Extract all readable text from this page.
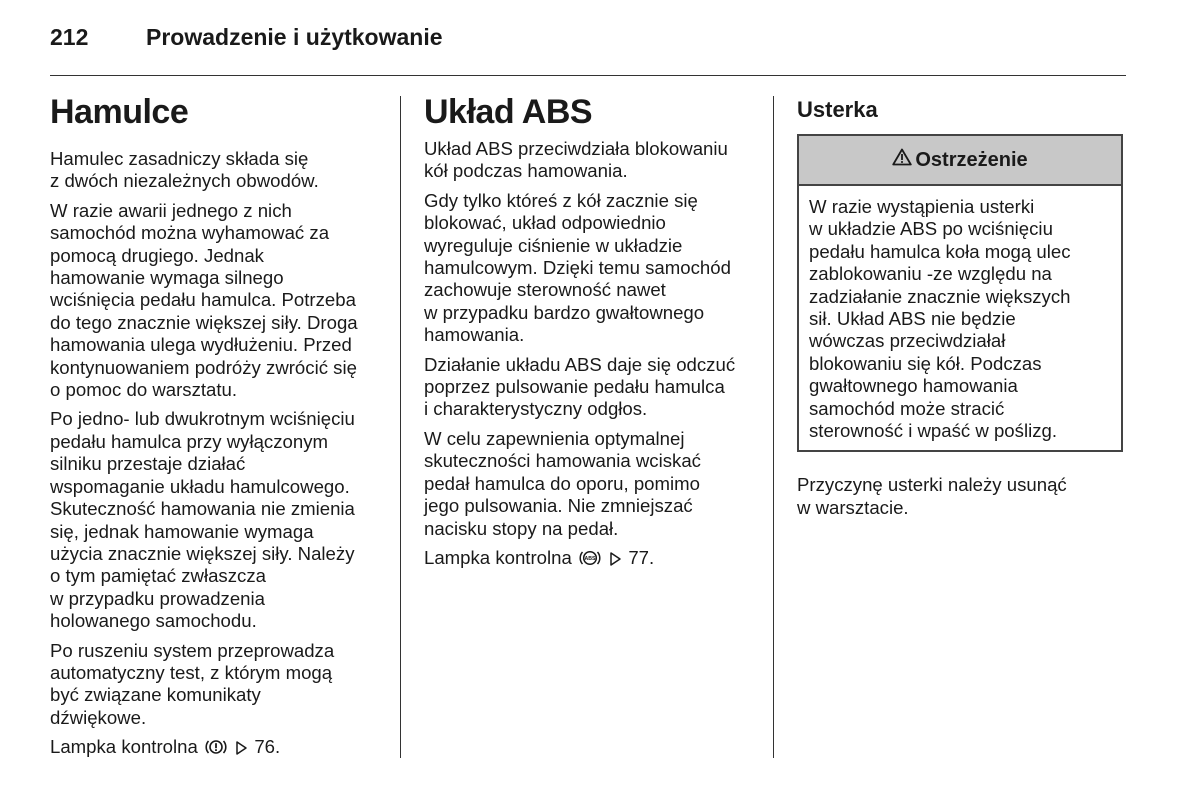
212	Prowadzenie i użytkowanie
Hamulce

Hamulec zasadniczy składa się
z dwóch niezależnych obwodów.

W razie awarii jednego z nich
samochód można wyhamować za
pomocą drugiego. Jednak
hamowanie wymaga silnego
wciśnięcia pedału hamulca. Potrzeba
do tego znacznie większej siły. Droga
hamowania ulega wydłużeniu. Przed
kontynuowaniem podróży zwrócić się
o pomoc do warsztatu.

Po jedno- lub dwukrotnym wciśnięciu
pedału hamulca przy wyłączonym
silniku przestaje działać
wspomaganie układu hamulcowego.
Skuteczność hamowania nie zmienia
się, jednak hamowanie wymaga
użycia znacznie większej siły. Należy
o tym pamiętać zwłaszcza
w przypadku prowadzenia
holowanego samochodu.

Po ruszeniu system przeprowadza
automatyczny test, z którym mogą
być związane komunikaty
dźwiękowe.

Lampka kontrolna	76.

Układ ABS

Układ ABS przeciwdziała blokowaniu
kół podczas hamowania.

Gdy tylko któreś z kół zacznie się
blokować, układ odpowiednio
wyreguluje ciśnienie w układzie
hamulcowym. Dzięki temu samochód
zachowuje sterowność nawet
w przypadku bardzo gwałtownego
hamowania.

Działanie układu ABS daje się odczuć
poprzez pulsowanie pedału hamulca
i charakterystyczny odgłos.

W celu zapewnienia optymalnej
skuteczności hamowania wciskać
pedał hamulca do oporu, pomimo
jego pulsowania. Nie zmniejszać
nacisku stopy na pedał.

Lampka kontrolna ABS 77.

Usterka
Ostrzeżenie

W razie wystąpienia usterki
w układzie ABS po wciśnięciu
pedału hamulca koła mogą ulec
zablokowaniu -ze względu na
zadziałanie znacznie większych
sił. Układ ABS nie będzie
wówczas przeciwdziałał
blokowaniu się kół. Podczas
gwałtownego hamowania
samochód może stracić
sterowność i wpaść w poślizg.

Przyczynę usterki należy usunąć
w warsztacie.
